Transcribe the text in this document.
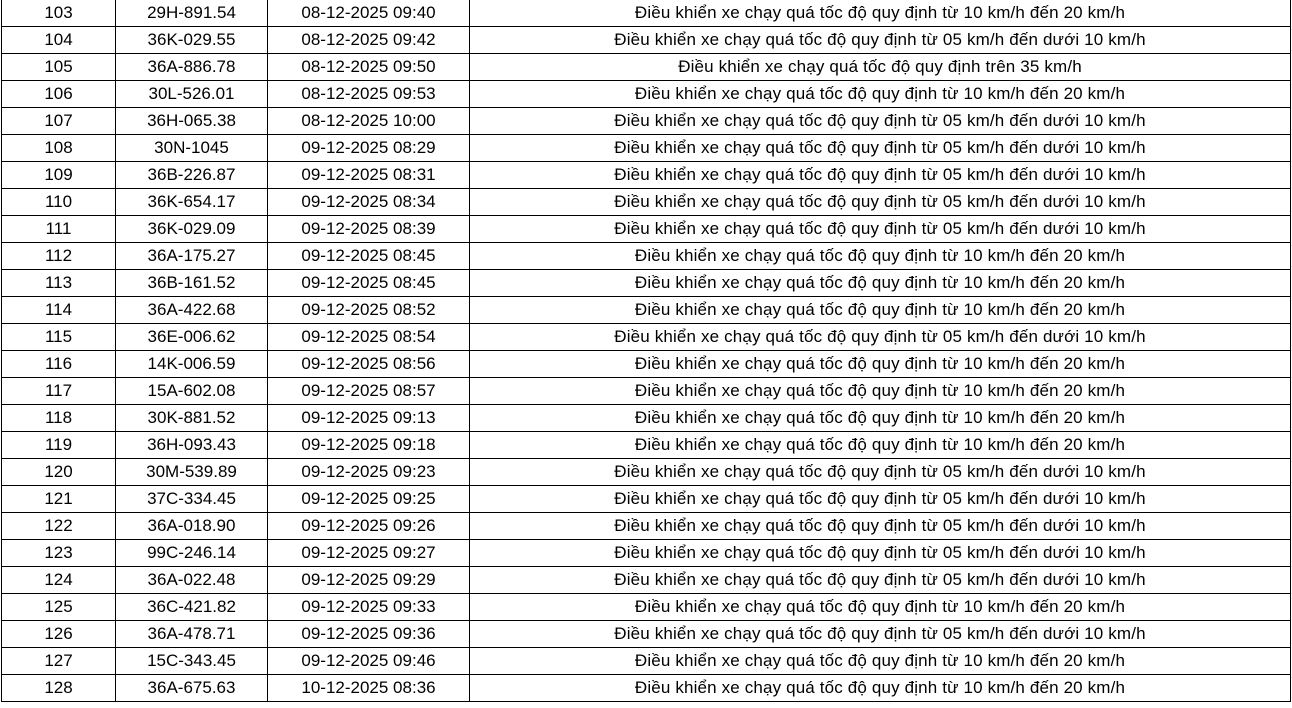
103	29H-891.54	08-12-2025 09:40	Điều khiển xe chạy quá tốc độ quy định từ 10 km/h đến 20 km/h
104	36K-029.55	08-12-2025 09:42	Điều khiển xe chạy quá tốc độ quy định từ 05 km/h đến dưới 10 km/h
105	36A-886.78	08-12-2025 09:50	Điều khiển xe chạy quá tốc độ quy định trên 35 km/h
106	30L-526.01	08-12-2025 09:53	Điều khiển xe chạy quá tốc độ quy định từ 10 km/h đến 20 km/h
107	36H-065.38	08-12-2025 10:00	Điều khiển xe chạy quá tốc độ quy định từ 05 km/h đến dưới 10 km/h
108	30N-1045	09-12-2025 08:29	Điều khiển xe chạy quá tốc độ quy định từ 05 km/h đến dưới 10 km/h
109	36B-226.87	09-12-2025 08:31	Điều khiển xe chạy quá tốc độ quy định từ 05 km/h đến dưới 10 km/h
110	36K-654.17	09-12-2025 08:34	Điều khiển xe chạy quá tốc độ quy định từ 05 km/h đến dưới 10 km/h
111	36K-029.09	09-12-2025 08:39	Điều khiển xe chạy quá tốc độ quy định từ 05 km/h đến dưới 10 km/h
112	36A-175.27	09-12-2025 08:45	Điều khiển xe chạy quá tốc độ quy định từ 10 km/h đến 20 km/h
113	36B-161.52	09-12-2025 08:45	Điều khiển xe chạy quá tốc độ quy định từ 10 km/h đến 20 km/h
114	36A-422.68	09-12-2025 08:52	Điều khiển xe chạy quá tốc độ quy định từ 10 km/h đến 20 km/h
115	36E-006.62	09-12-2025 08:54	Điều khiển xe chạy quá tốc độ quy định từ 05 km/h đến dưới 10 km/h
116	14K-006.59	09-12-2025 08:56	Điều khiển xe chạy quá tốc độ quy định từ 10 km/h đến 20 km/h
117	15A-602.08	09-12-2025 08:57	Điều khiển xe chạy quá tốc độ quy định từ 10 km/h đến 20 km/h
118	30K-881.52	09-12-2025 09:13	Điều khiển xe chạy quá tốc độ quy định từ 10 km/h đến 20 km/h
119	36H-093.43	09-12-2025 09:18	Điều khiển xe chạy quá tốc độ quy định từ 10 km/h đến 20 km/h
120	30M-539.89	09-12-2025 09:23	Điều khiển xe chạy quá tốc độ quy định từ 05 km/h đến dưới 10 km/h
121	37C-334.45	09-12-2025 09:25	Điều khiển xe chạy quá tốc độ quy định từ 05 km/h đến dưới 10 km/h
122	36A-018.90	09-12-2025 09:26	Điều khiển xe chạy quá tốc độ quy định từ 05 km/h đến dưới 10 km/h
123	99C-246.14	09-12-2025 09:27	Điều khiển xe chạy quá tốc độ quy định từ 05 km/h đến dưới 10 km/h
124	36A-022.48	09-12-2025 09:29	Điều khiển xe chạy quá tốc độ quy định từ 05 km/h đến dưới 10 km/h
125	36C-421.82	09-12-2025 09:33	Điều khiển xe chạy quá tốc độ quy định từ 10 km/h đến 20 km/h
126	36A-478.71	09-12-2025 09:36	Điều khiển xe chạy quá tốc độ quy định từ 05 km/h đến dưới 10 km/h
127	15C-343.45	09-12-2025 09:46	Điều khiển xe chạy quá tốc độ quy định từ 10 km/h đến 20 km/h
128	36A-675.63	10-12-2025 08:36	Điều khiển xe chạy quá tốc độ quy định từ 10 km/h đến 20 km/h
